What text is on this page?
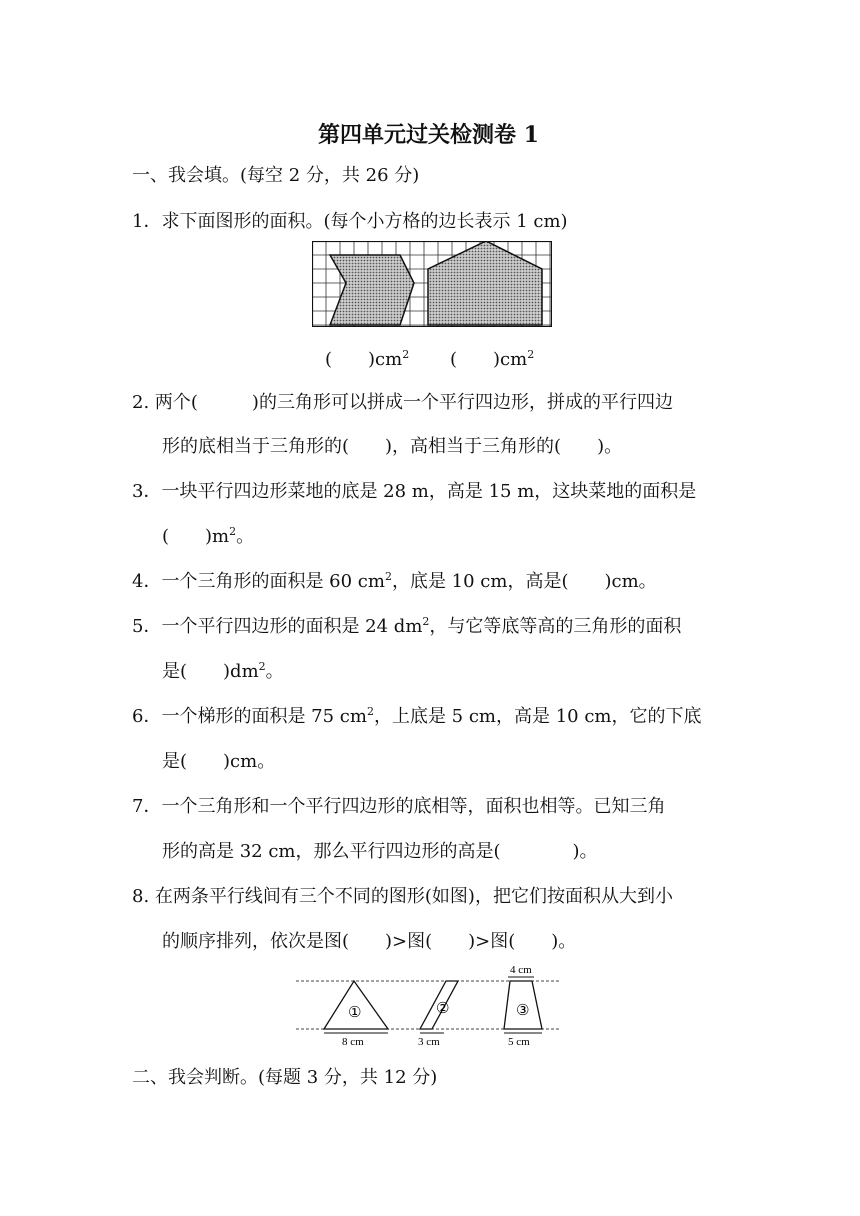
第四单元过关检测卷 1
一、我会填。(每空 2 分，共 26 分)
1．求下面图形的面积。(每个小方格的边长表示 1 cm)
(　　)$cm^2$ (　　)$cm^2$
2. 两个(　　　)的三角形可以拼成一个平行四边形，拼成的平行四边
形的底相当于三角形的(　　)，高相当于三角形的(　　)。
3．一块平行四边形菜地的底是 28 m，高是 15 m，这块菜地的面积是
(　　)$m^2$。
4．一个三角形的面积是 60 $cm^2$，底是 10 cm，高是(　　)cm。
5．一个平行四边形的面积是 24 $dm^2$，与它等底等高的三角形的面积
是(　　)$dm^2$。
6．一个梯形的面积是 75 $cm^2$，上底是 5 cm，高是 10 cm，它的下底
是(　　)cm。
7．一个三角形和一个平行四边形的底相等，面积也相等。已知三角
形的高是 32 cm，那么平行四边形的高是(　　　　)。
8. 在两条平行线间有三个不同的图形(如图)，把它们按面积从大到小
的顺序排列，依次是图(　　)>图(　　)>图(　　)。
①
8 cm
②
3 cm
③
4 cm
5 cm
二、我会判断。(每题 3 分，共 12 分)
